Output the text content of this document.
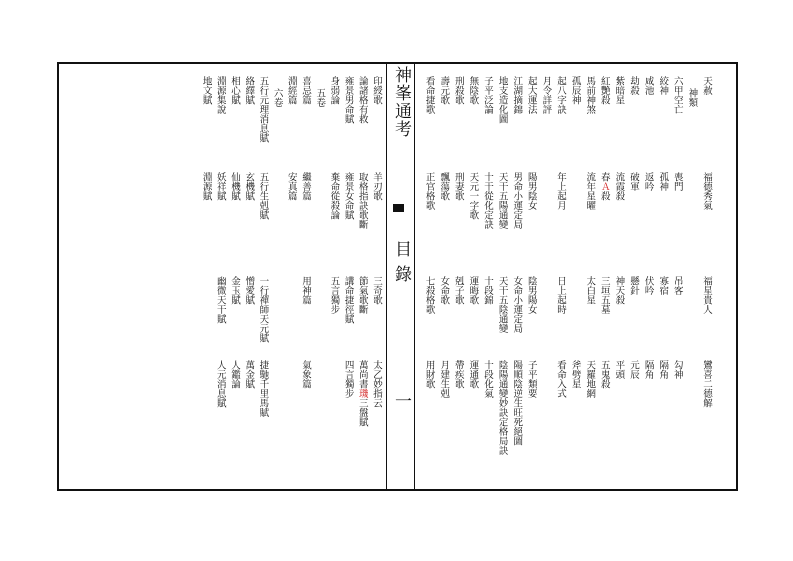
神峯通考
目錄
一
天赦
福德秀氣
福星貴人
鸞喜二德解
神類
六甲空亡
喪門
吊客
勾神
絞神
孤神
寡宿
隔角
咸池
返吟
伏吟
隔角
劫殺
破軍
懸針
元辰
紫暗星
流霞殺
神天殺
平頭
紅艷殺
春Ａ殺
三垣五墓
五鬼殺
馬前神煞
流年星曜
太白星
天羅地網
孤辰神
斧劈星
起八字訣
年上起月
日上起時
看命入式
月令詳評
起大運法
陽男陰女
陰男陽女
子平類要
江湖摘錦
男命小運定局
女命小運定局
陽順陰逆生旺死絕圖
地支造化圖
天干五陽通變
天干五陰通變
陰陽通變妙訣定格局訣
子平泛論
十干從化定訣
十段錦
十段化氣
無陰歌
天元一字歌
運晦歌
運通歌
刑殺歌
刑妻歌
剋子歌
帶疾歌
壽元歌
飄蕩歌
女命歌
月建生剋
看命捷歌
正官格歌
七殺格歌
用財歌
印綬歌
羊刃歌
三奇歌
太乙妙指云
論諸格有救
取格指訣歌斷
節氣歌斷
萬尚書璣三盤賦
雍景男命賦
雍景女命賦
講命捷徑賦
四言獨步
身弱論
棄命從殺論
五言獨步
五卷
喜忌篇
繼善篇
用神篇
氣象篇
淵經篇
安真篇
六卷
五行元理消息賦
五行生剋賦
一行禪師天元賦
捷馳千里馬賦
絡繹賦
玄機賦
憎愛賦
萬金賦
相心賦
仙機賦
金玉賦
人鑑論
淵源集說
妖祥賦
幽微天干賦
人元消息賦
地文賦
淵源賦
